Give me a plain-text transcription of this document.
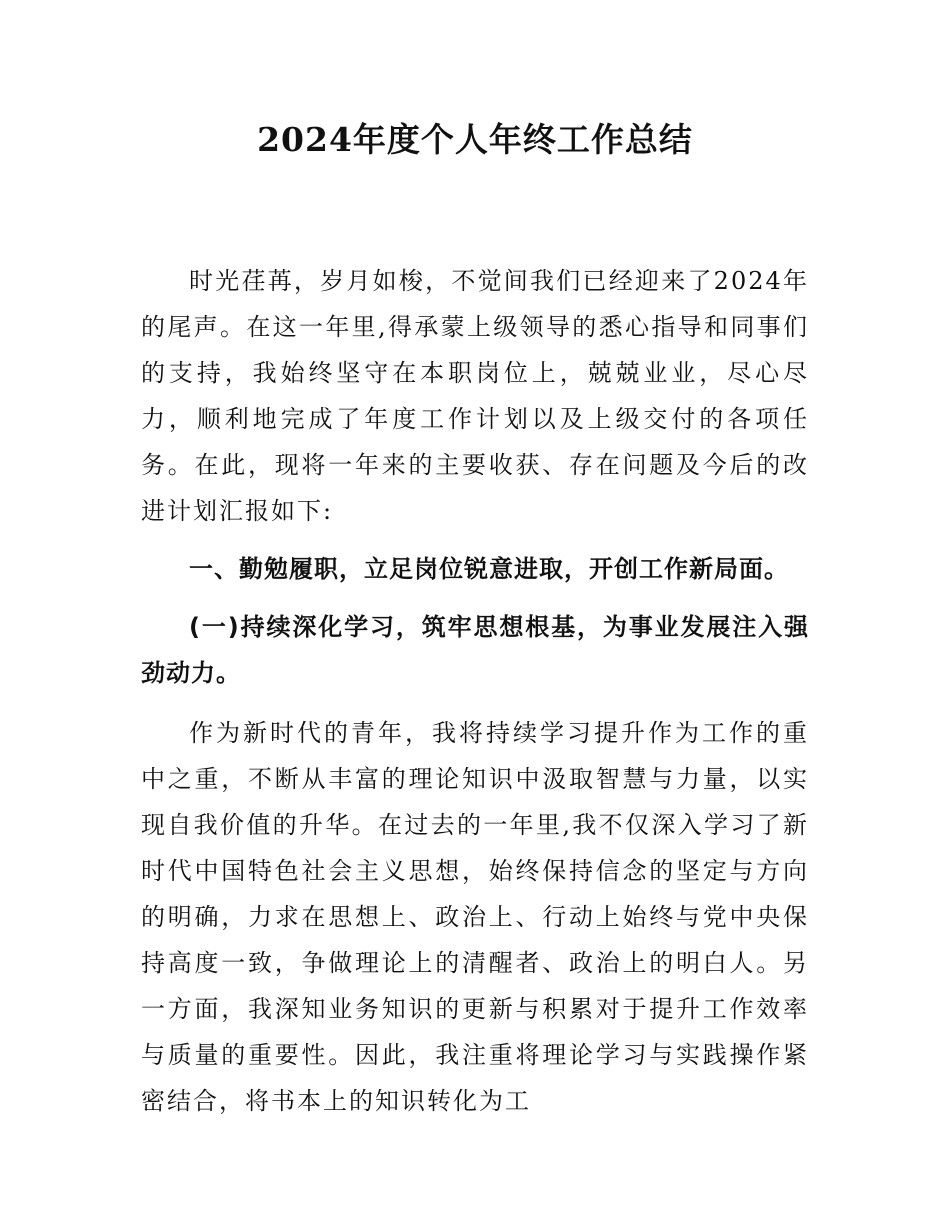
2024年度个人年终工作总结

时光荏苒，岁月如梭，不觉间我们已经迎来了2024年的尾声。在这一年里,得承蒙上级领导的悉心指导和同事们的支持，我始终坚守在本职岗位上，兢兢业业，尽心尽力，顺利地完成了年度工作计划以及上级交付的各项任务。在此，现将一年来的主要收获、存在问题及今后的改进计划汇报如下:

一、勤勉履职，立足岗位锐意进取，开创工作新局面。

(一)持续深化学习，筑牢思想根基，为事业发展注入强劲动力。

作为新时代的青年，我将持续学习提升作为工作的重中之重，不断从丰富的理论知识中汲取智慧与力量，以实现自我价值的升华。在过去的一年里,我不仅深入学习了新时代中国特色社会主义思想，始终保持信念的坚定与方向的明确，力求在思想上、政治上、行动上始终与党中央保持高度一致，争做理论上的清醒者、政治上的明白人。另一方面，我深知业务知识的更新与积累对于提升工作效率与质量的重要性。因此，我注重将理论学习与实践操作紧密结合，将书本上的知识转化为工
